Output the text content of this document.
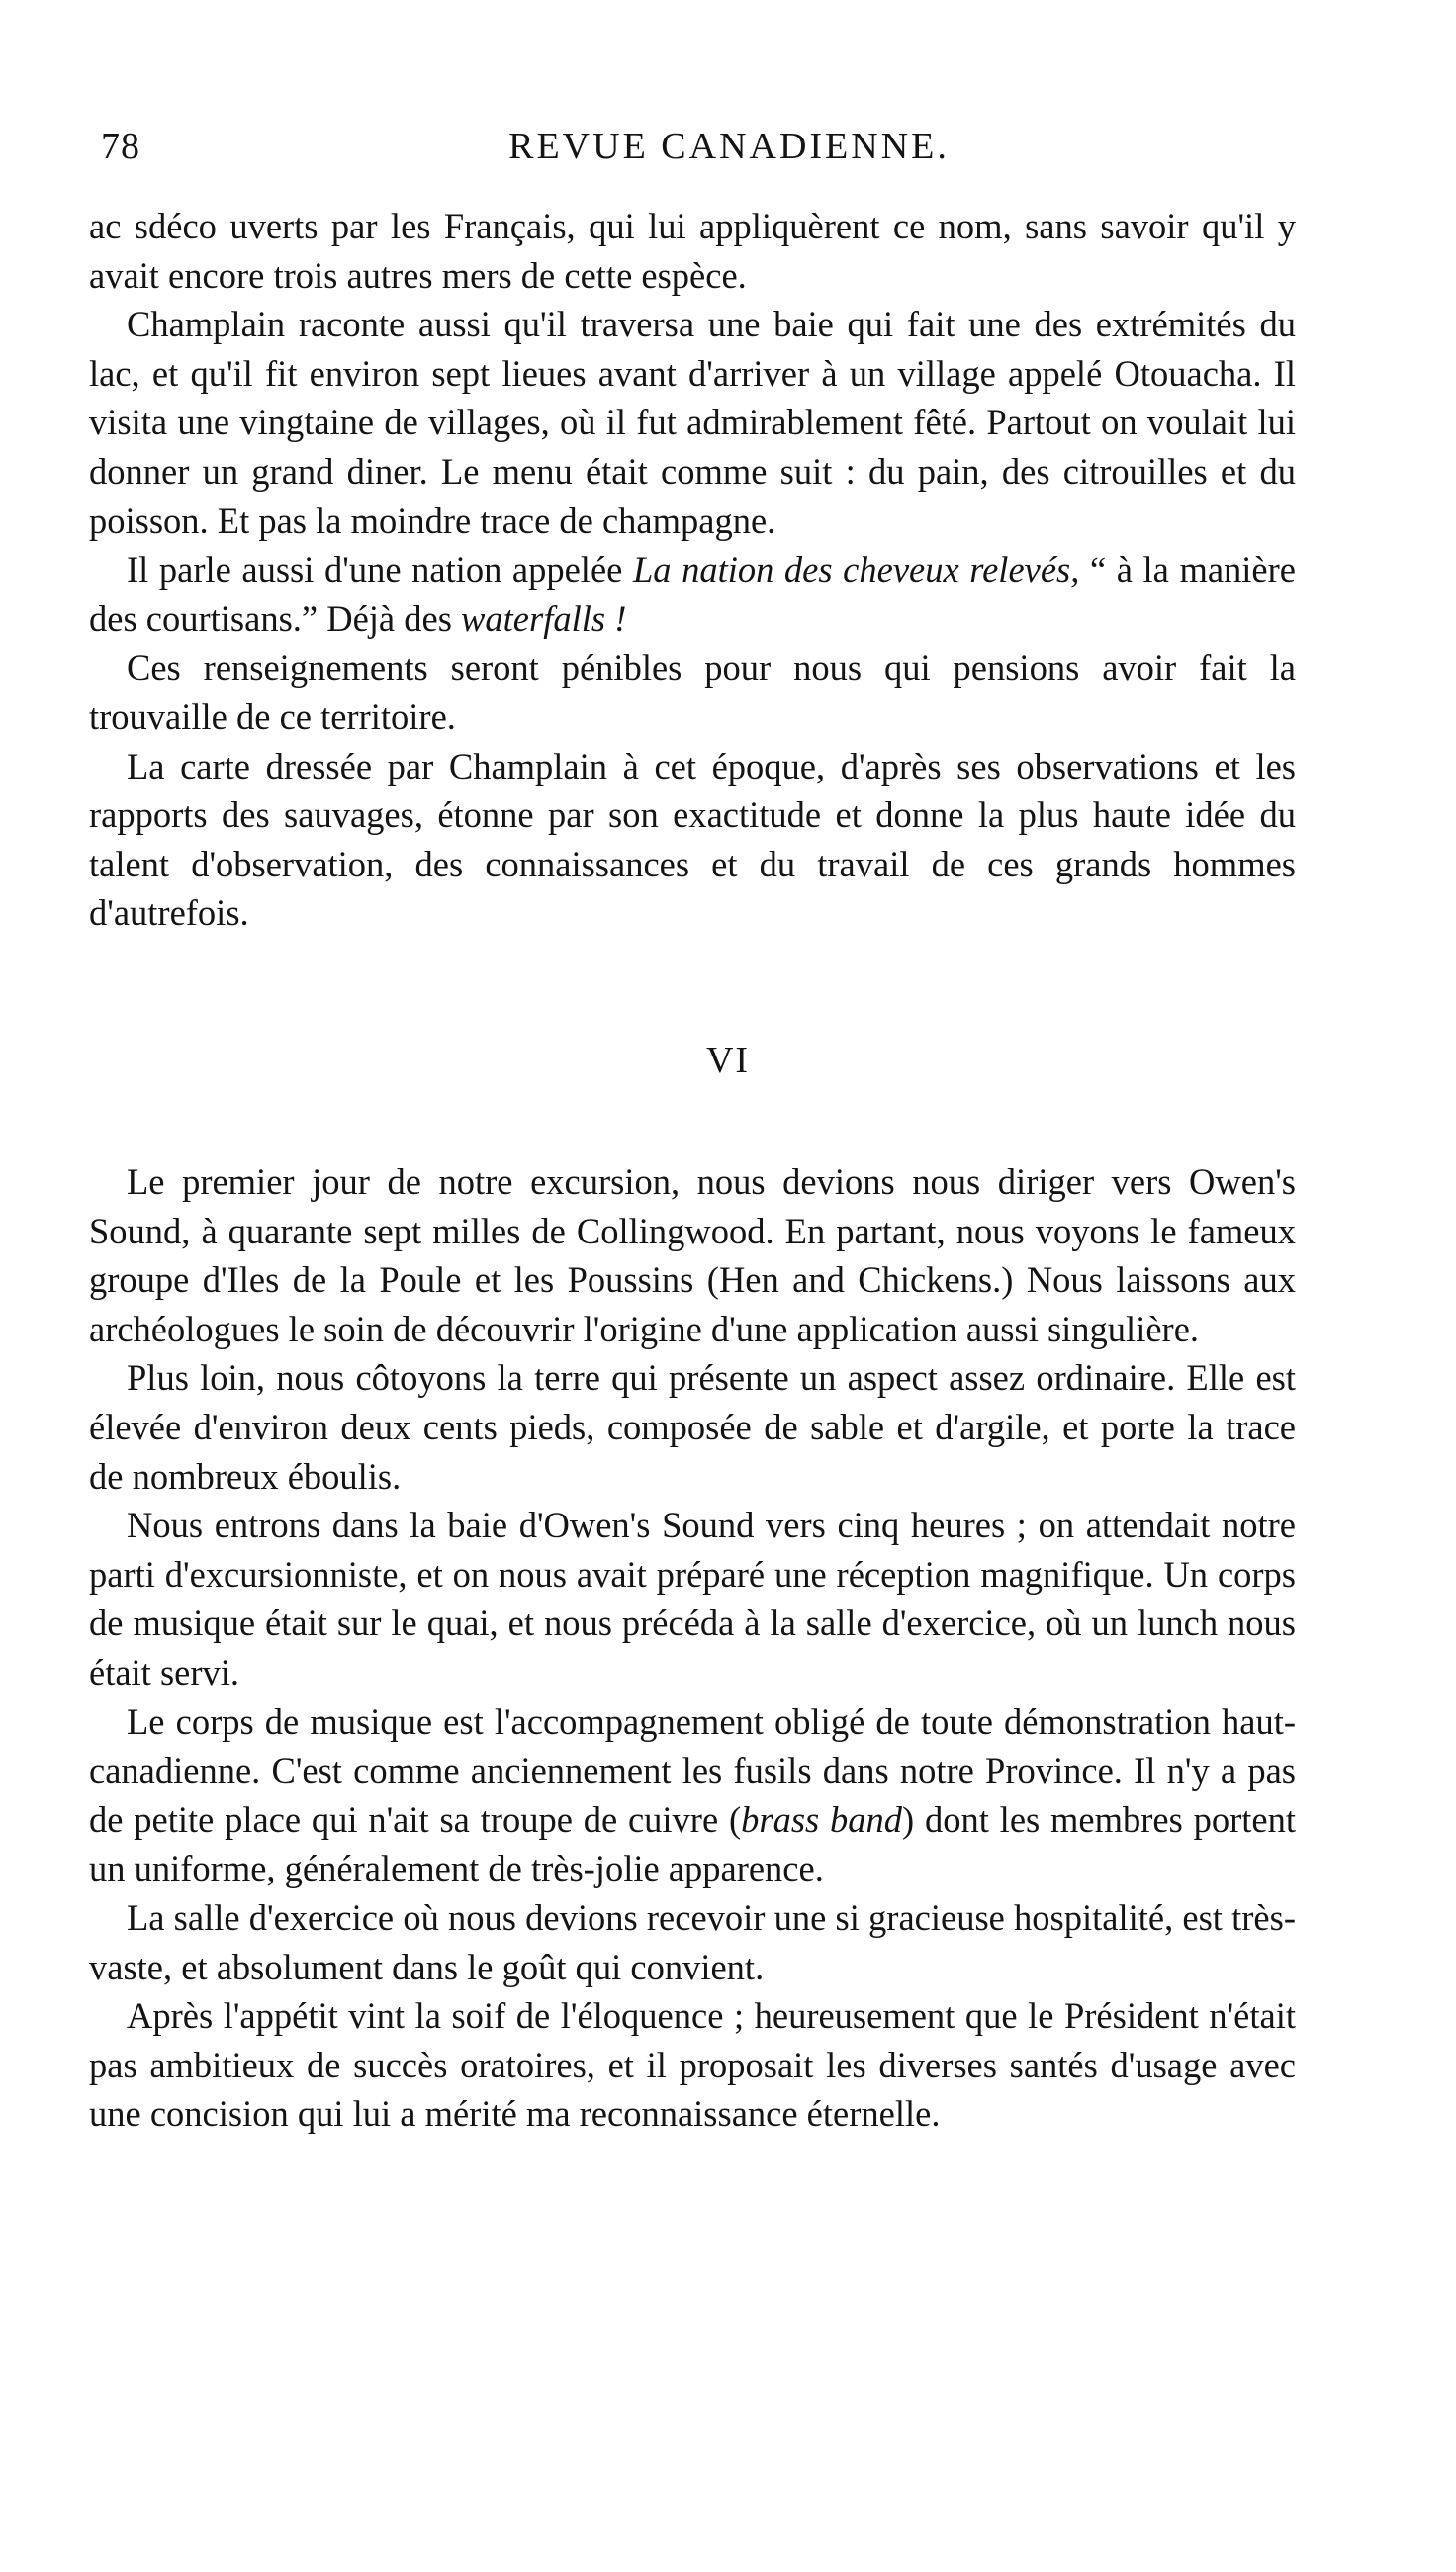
78	REVUE CANADIENNE.

ac sdéco uverts par les Français, qui lui appliquèrent ce nom, sans savoir qu'il y avait encore trois autres mers de cette espèce.

Champlain raconte aussi qu'il traversa une baie qui fait une des extrémités du lac, et qu'il fit environ sept lieues avant d'arriver à un village appelé Otouacha. Il visita une vingtaine de villages, où il fut admirablement fêté. Partout on voulait lui donner un grand diner. Le menu était comme suit : du pain, des citrouilles et du poisson. Et pas la moindre trace de champagne.

Il parle aussi d'une nation appelée La nation des cheveux relevés, “ à la manière des courtisans.” Déjà des waterfalls !

Ces renseignements seront pénibles pour nous qui pensions avoir fait la trouvaille de ce territoire.

La carte dressée par Champlain à cet époque, d'après ses observations et les rapports des sauvages, étonne par son exactitude et donne la plus haute idée du talent d'observation, des connaissances et du travail de ces grands hommes d'autrefois.

VI

Le premier jour de notre excursion, nous devions nous diriger vers Owen's Sound, à quarante sept milles de Collingwood. En partant, nous voyons le fameux groupe d'Iles de la Poule et les Poussins (Hen and Chickens.) Nous laissons aux archéologues le soin de découvrir l'origine d'une application aussi singulière.

Plus loin, nous côtoyons la terre qui présente un aspect assez ordinaire. Elle est élevée d'environ deux cents pieds, composée de sable et d'argile, et porte la trace de nombreux éboulis.

Nous entrons dans la baie d'Owen's Sound vers cinq heures ; on attendait notre parti d'excursionniste, et on nous avait préparé une réception magnifique. Un corps de musique était sur le quai, et nous précéda à la salle d'exercice, où un lunch nous était servi.

Le corps de musique est l'accompagnement obligé de toute démonstration haut-canadienne. C'est comme anciennement les fusils dans notre Province. Il n'y a pas de petite place qui n'ait sa troupe de cuivre (brass band) dont les membres portent un uniforme, généralement de très-jolie apparence.

La salle d'exercice où nous devions recevoir une si gracieuse hospitalité, est très-vaste, et absolument dans le goût qui convient.

Après l'appétit vint la soif de l'éloquence ; heureusement que le Président n'était pas ambitieux de succès oratoires, et il proposait les diverses santés d'usage avec une concision qui lui a mérité ma reconnaissance éternelle.
